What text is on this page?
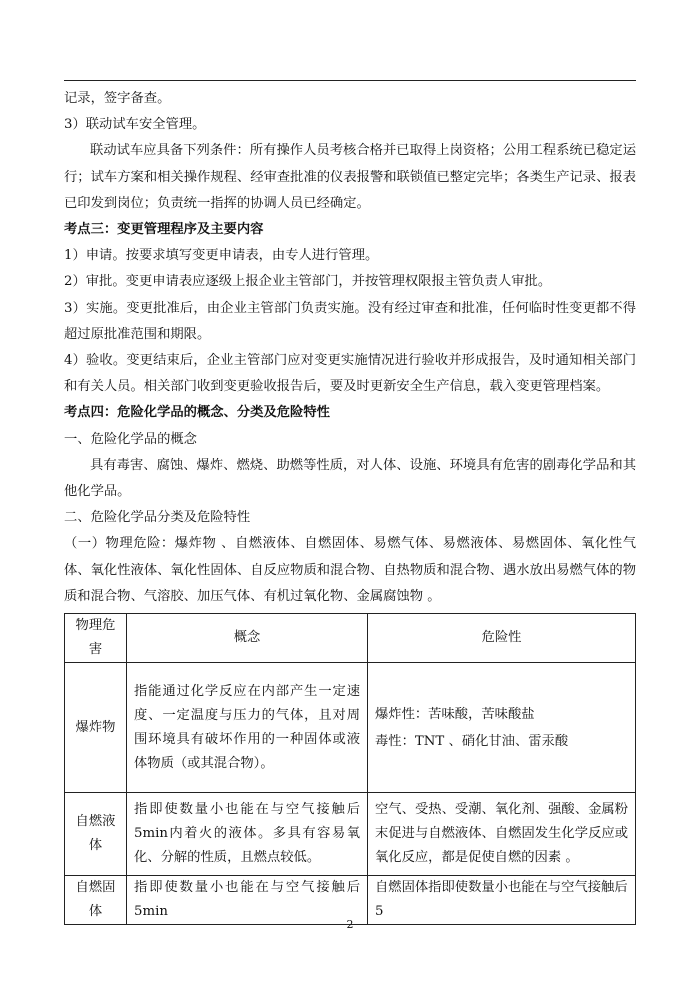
记录，签字备查。

3）联动试车安全管理。

联动试车应具备下列条件：所有操作人员考核合格并已取得上岗资格；公用工程系统已稳定运行；试车方案和相关操作规程、经审查批准的仪表报警和联锁值已整定完毕；各类生产记录、报表已印发到岗位；负责统一指挥的协调人员已经确定。

考点三：变更管理程序及主要内容

1）申请。按要求填写变更申请表，由专人进行管理。

2）审批。变更申请表应逐级上报企业主管部门，并按管理权限报主管负责人审批。

3）实施。变更批准后，由企业主管部门负责实施。没有经过审查和批准，任何临时性变更都不得超过原批准范围和期限。

4）验收。变更结束后，企业主管部门应对变更实施情况进行验收并形成报告，及时通知相关部门和有关人员。相关部门收到变更验收报告后，要及时更新安全生产信息，载入变更管理档案。

考点四：危险化学品的概念、分类及危险特性

一、危险化学品的概念

具有毒害、腐蚀、爆炸、燃烧、助燃等性质，对人体、设施、环境具有危害的剧毒化学品和其他化学品。

二、危险化学品分类及危险特性

（一）物理危险：爆炸物 、自燃液体、自燃固体、易燃气体、易燃液体、易燃固体、氧化性气体、氧化性液体、氧化性固体、自反应物质和混合物、自热物质和混合物、遇水放出易燃气体的物质和混合物、气溶胶、加压气体、有机过氧化物、金属腐蚀物 。

物理危害	概念	危险性
爆炸物	指能通过化学反应在内部产生一定速度、一定温度与压力的气体，且对周围环境具有破坏作用的一种固体或液体物质（或其混合物）。	爆炸性：苦味酸，苦味酸盐
毒性：TNT 、硝化甘油、雷汞酸

自燃液体	指即使数量小也能在与空气接触后5min内着火的液体。多具有容易氧化、分解的性质，且燃点较低。	空气、受热、受潮、氧化剂、强酸、金属粉末促进与自燃液体、自燃固发生化学反应或氧化反应，都是促使自燃的因素 。

自燃固体	指即使数量小也能在与空气接触后5min	自燃固体指即使数量小也能在与空气接触后5
2
